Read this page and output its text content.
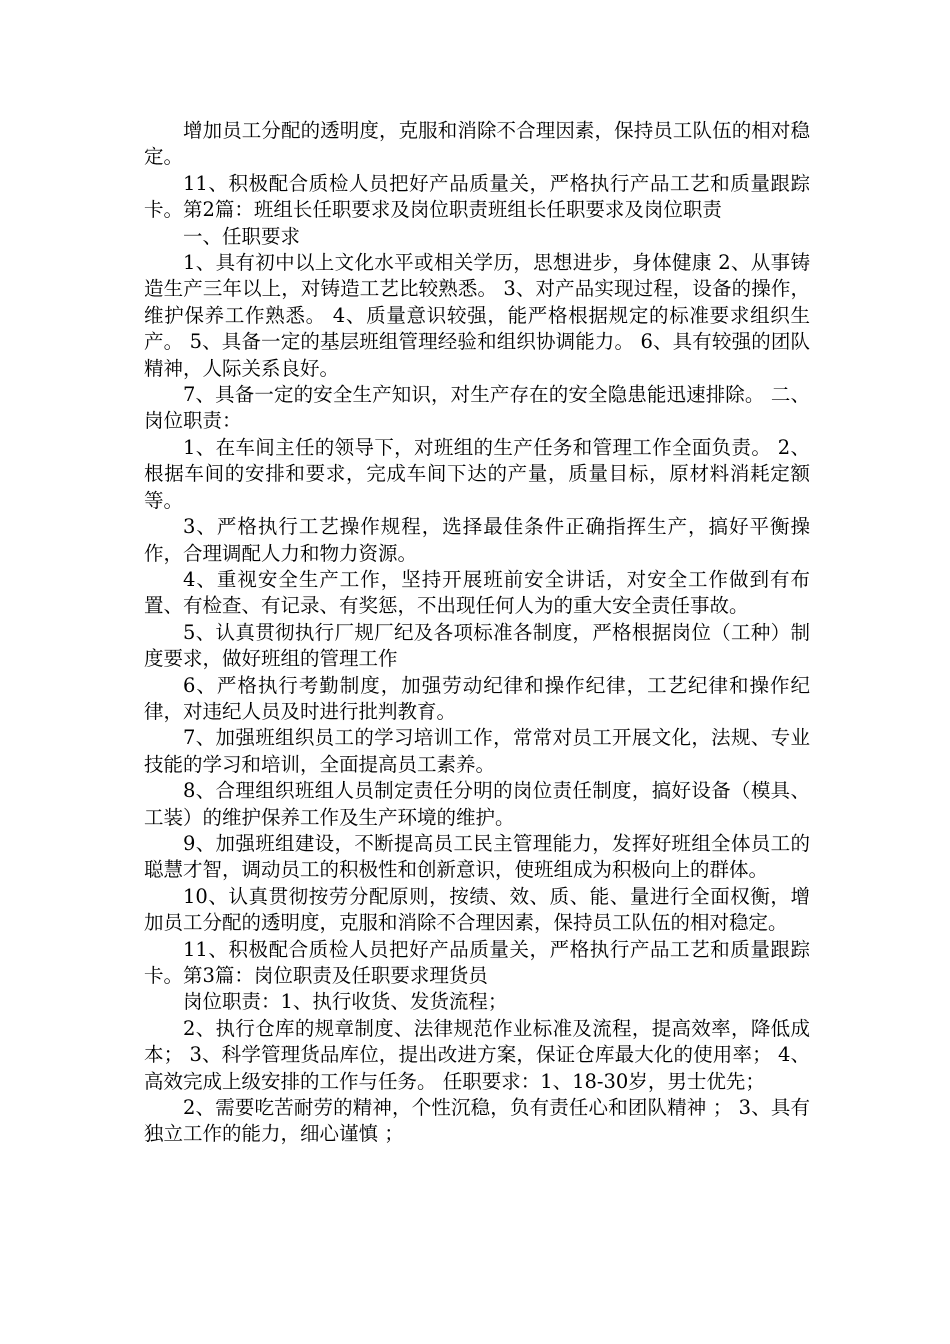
增加员工分配的透明度，克服和消除不合理因素，保持员工队伍的相对稳定。

11、积极配合质检人员把好产品质量关，严格执行产品工艺和质量跟踪卡。第2篇：班组长任职要求及岗位职责班组长任职要求及岗位职责

一、任职要求

1、具有初中以上文化水平或相关学历，思想进步，身体健康 2、从事铸造生产三年以上，对铸造工艺比较熟悉。 3、对产品实现过程，设备的操作，维护保养工作熟悉。 4、质量意识较强，能严格根据规定的标准要求组织生产。 5、具备一定的基层班组管理经验和组织协调能力。 6、具有较强的团队精神，人际关系良好。

7、具备一定的安全生产知识，对生产存在的安全隐患能迅速排除。 二、岗位职责：

1、在车间主任的领导下，对班组的生产任务和管理工作全面负责。 2、根据车间的安排和要求，完成车间下达的产量，质量目标，原材料消耗定额等。

3、严格执行工艺操作规程，选择最佳条件正确指挥生产，搞好平衡操作，合理调配人力和物力资源。

4、重视安全生产工作，坚持开展班前安全讲话，对安全工作做到有布置、有检查、有记录、有奖惩，不出现任何人为的重大安全责任事故。

5、认真贯彻执行厂规厂纪及各项标准各制度，严格根据岗位（工种）制度要求，做好班组的管理工作

6、严格执行考勤制度，加强劳动纪律和操作纪律，工艺纪律和操作纪律，对违纪人员及时进行批判教育。

7、加强班组织员工的学习培训工作，常常对员工开展文化，法规、专业技能的学习和培训，全面提高员工素养。

8、合理组织班组人员制定责任分明的岗位责任制度，搞好设备（模具、工装）的维护保养工作及生产环境的维护。

9、加强班组建设，不断提高员工民主管理能力，发挥好班组全体员工的聪慧才智，调动员工的积极性和创新意识，使班组成为积极向上的群体。

10、认真贯彻按劳分配原则，按绩、效、质、能、量进行全面权衡，增加员工分配的透明度，克服和消除不合理因素，保持员工队伍的相对稳定。

11、积极配合质检人员把好产品质量关，严格执行产品工艺和质量跟踪卡。第3篇：岗位职责及任职要求理货员

岗位职责：1、执行收货、发货流程；

2、执行仓库的规章制度、法律规范作业标准及流程，提高效率，降低成本； 3、科学管理货品库位，提出改进方案，保证仓库最大化的使用率； 4、高效完成上级安排的工作与任务。 任职要求：1、18-30岁，男士优先；

2、需要吃苦耐劳的精神，个性沉稳，负有责任心和团队精神 ； 3、具有独立工作的能力，细心谨慎 ；
